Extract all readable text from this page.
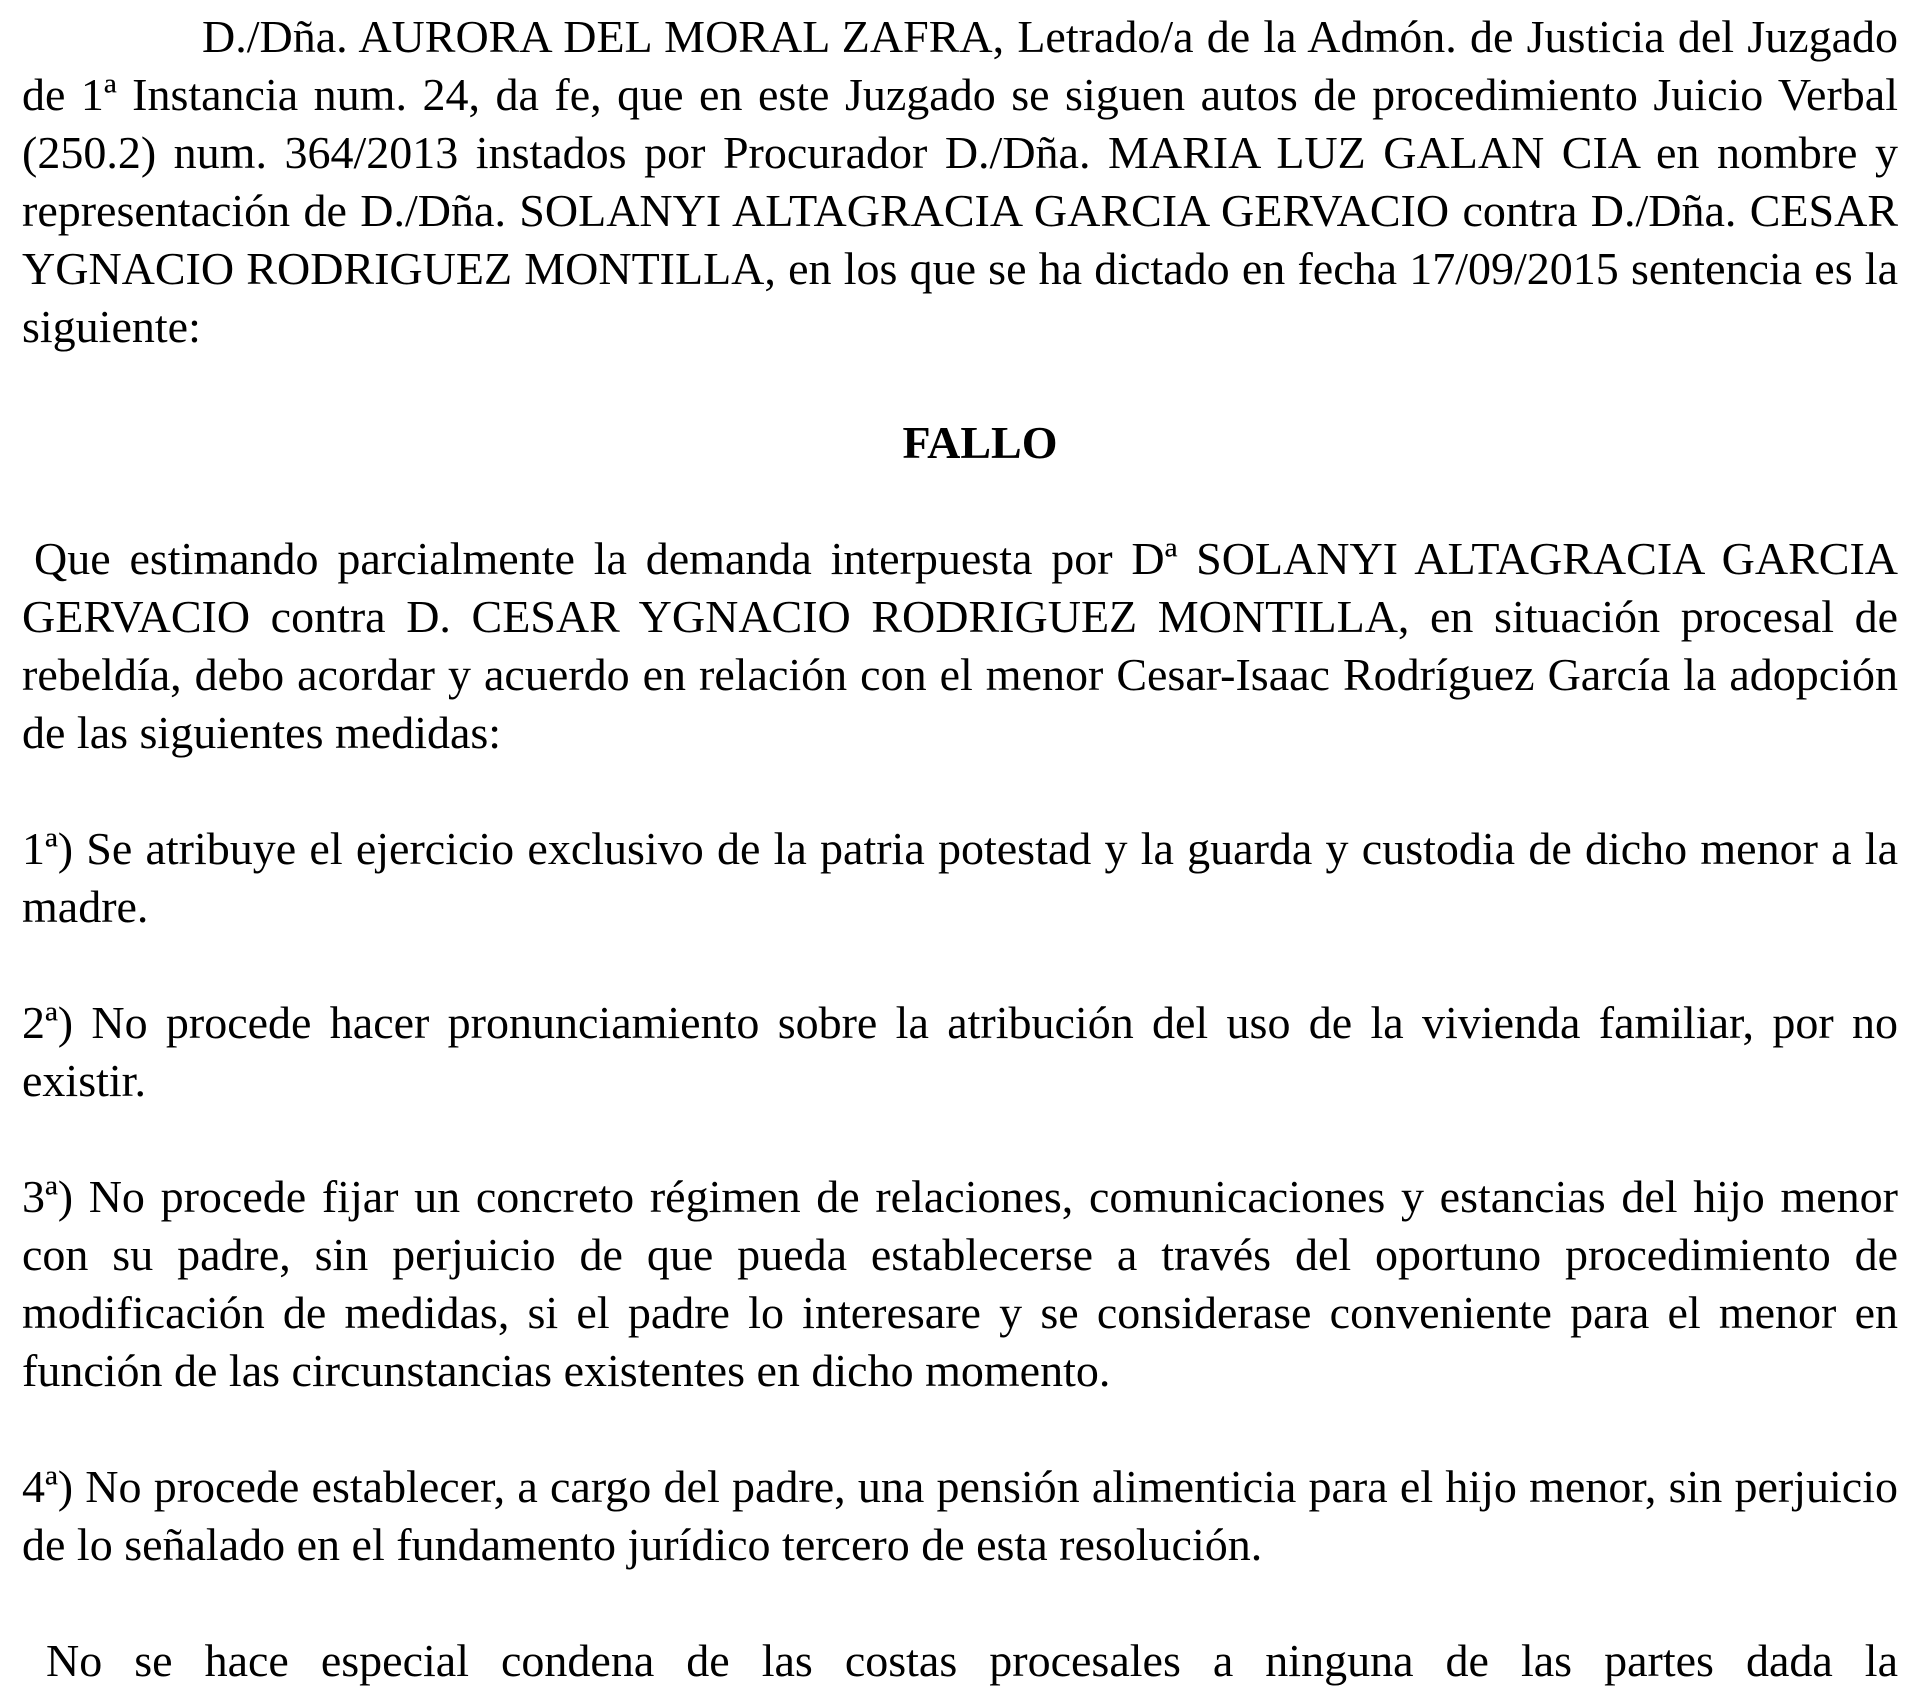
D./Dña. AURORA DEL MORAL ZAFRA, Letrado/a de la Admón. de Justicia del Juzgado de 1ª Instancia num. 24, da fe, que en este Juzgado se siguen autos de procedimiento Juicio Verbal (250.2) num. 364/2013 instados por Procurador D./Dña. MARIA LUZ GALAN CIA en nombre y representación de D./Dña. SOLANYI ALTAGRACIA GARCIA GERVACIO contra D./Dña. CESAR YGNACIO RODRIGUEZ MONTILLA, en los que se ha dictado en fecha 17/09/2015 sentencia es la siguiente:

FALLO

Que estimando parcialmente la demanda interpuesta por Dª SOLANYI ALTAGRACIA GARCIA GERVACIO contra D. CESAR YGNACIO RODRIGUEZ MONTILLA, en situación procesal de rebeldía, debo acordar y acuerdo en relación con el menor Cesar-Isaac Rodríguez García la adopción de las siguientes medidas:

1ª) Se atribuye el ejercicio exclusivo de la patria potestad y la guarda y custodia de dicho menor a la madre.

2ª) No procede hacer pronunciamiento sobre la atribución del uso de la vivienda familiar, por no existir.

3ª) No procede fijar un concreto régimen de relaciones, comunicaciones y estancias del hijo menor con su padre, sin perjuicio de que pueda establecerse a través del oportuno procedimiento de modificación de medidas, si el padre lo interesare y se considerase conveniente para el menor en función de las circunstancias existentes en dicho momento.

4ª) No procede establecer, a cargo del padre, una pensión alimenticia para el hijo menor, sin perjuicio de lo señalado en el fundamento jurídico tercero de esta resolución.

No se hace especial condena de las costas procesales a ninguna de las partes dada la
